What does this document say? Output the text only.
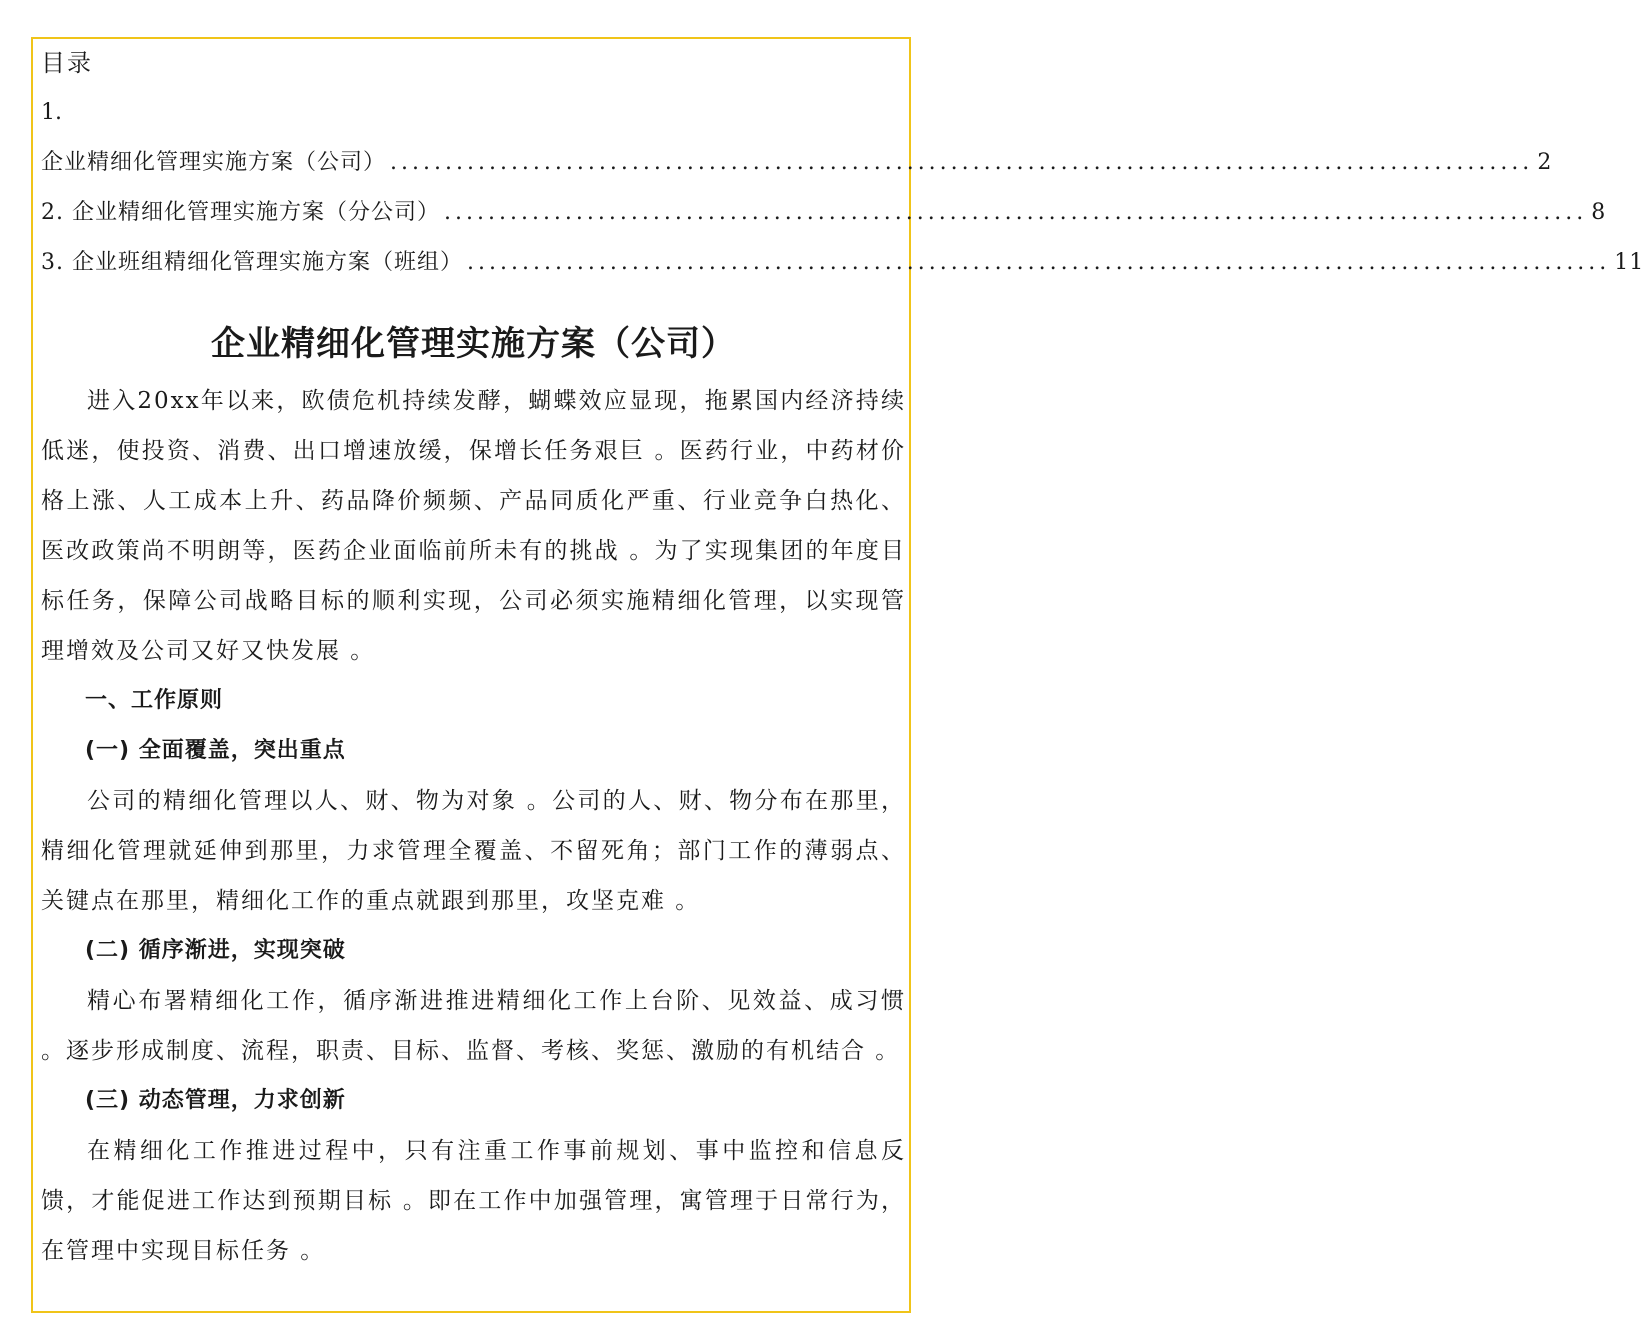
目录
1.
企业精细化管理实施方案（公司） ........................................................................................................ 2
2. 企业精细化管理实施方案（分公司） ........................................................................................................ 8
3. 企业班组精细化管理实施方案（班组） ........................................................................................................ 11
企业精细化管理实施方案（公司）

进入20xx年以来，欧债危机持续发酵，蝴蝶效应显现，拖累国内经济持续低迷，使投资、消费、出口增速放缓，保增长任务艰巨 。医药行业，中药材价格上涨、人工成本上升、药品降价频频、产品同质化严重、行业竞争白热化、医改政策尚不明朗等，医药企业面临前所未有的挑战 。为了实现集团的年度目标任务，保障公司战略目标的顺利实现，公司必须实施精细化管理，以实现管理增效及公司又好又快发展 。

一、工作原则

(一) 全面覆盖，突出重点

公司的精细化管理以人、财、物为对象 。公司的人、财、物分布在那里，精细化管理就延伸到那里，力求管理全覆盖、不留死角；部门工作的薄弱点、关键点在那里，精细化工作的重点就跟到那里，攻坚克难 。

(二) 循序渐进，实现突破

精心布署精细化工作，循序渐进推进精细化工作上台阶、见效益、成习惯 。逐步形成制度、流程，职责、目标、监督、考核、奖惩、激励的有机结合 。

(三) 动态管理，力求创新

在精细化工作推进过程中，只有注重工作事前规划、事中监控和信息反馈，才能促进工作达到预期目标 。即在工作中加强管理，寓管理于日常行为，在管理中实现目标任务 。
